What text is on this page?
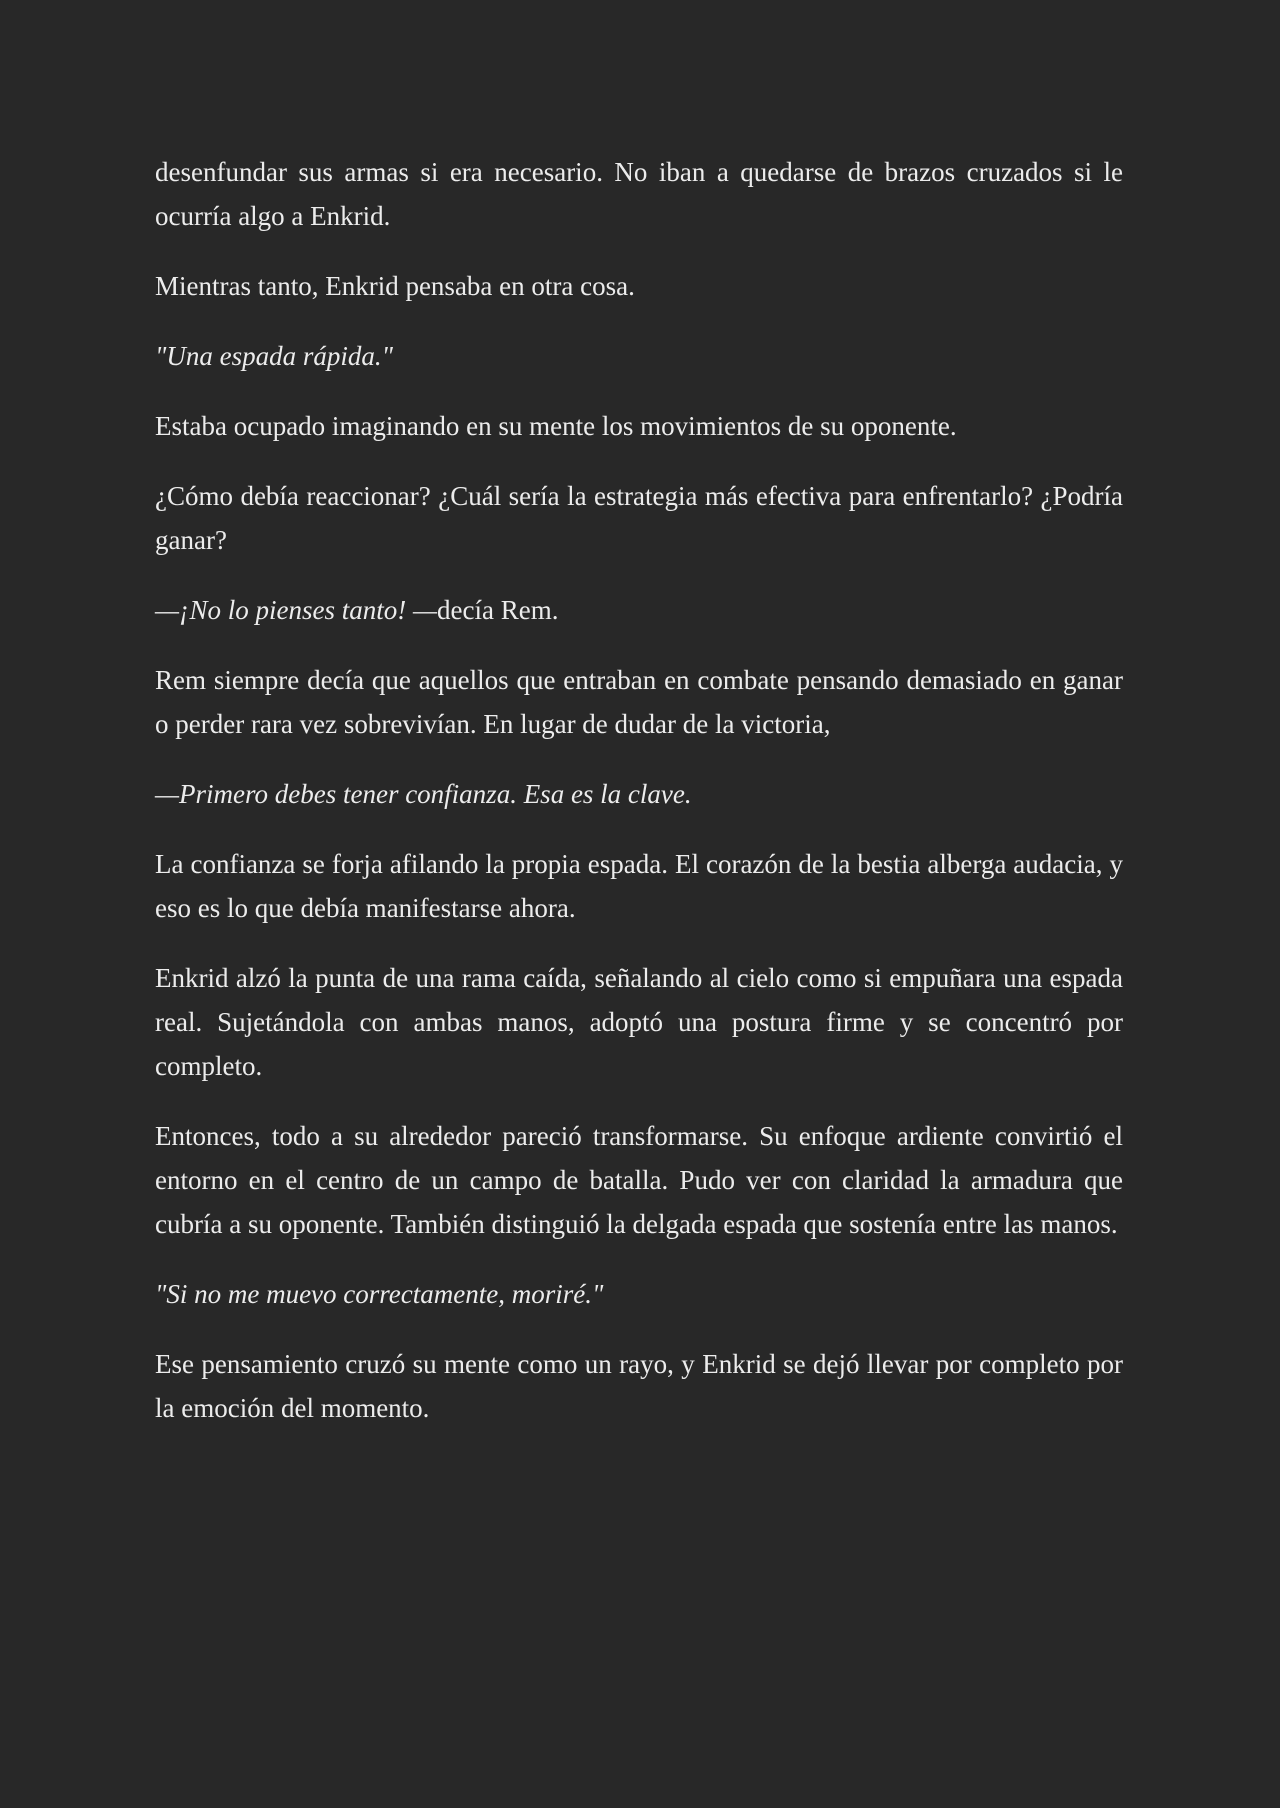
desenfundar sus armas si era necesario. No iban a quedarse de brazos cruzados si le ocurría algo a Enkrid.

Mientras tanto, Enkrid pensaba en otra cosa.

"Una espada rápida."

Estaba ocupado imaginando en su mente los movimientos de su oponente.

¿Cómo debía reaccionar? ¿Cuál sería la estrategia más efectiva para enfrentarlo? ¿Podría ganar?

—¡No lo pienses tanto! —decía Rem.

Rem siempre decía que aquellos que entraban en combate pensando demasiado en ganar o perder rara vez sobrevivían. En lugar de dudar de la victoria,

—Primero debes tener confianza. Esa es la clave.

La confianza se forja afilando la propia espada. El corazón de la bestia alberga audacia, y eso es lo que debía manifestarse ahora.

Enkrid alzó la punta de una rama caída, señalando al cielo como si empuñara una espada real. Sujetándola con ambas manos, adoptó una postura firme y se concentró por completo.

Entonces, todo a su alrededor pareció transformarse. Su enfoque ardiente convirtió el entorno en el centro de un campo de batalla. Pudo ver con claridad la armadura que cubría a su oponente. También distinguió la delgada espada que sostenía entre las manos.

"Si no me muevo correctamente, moriré."

Ese pensamiento cruzó su mente como un rayo, y Enkrid se dejó llevar por completo por la emoción del momento.
